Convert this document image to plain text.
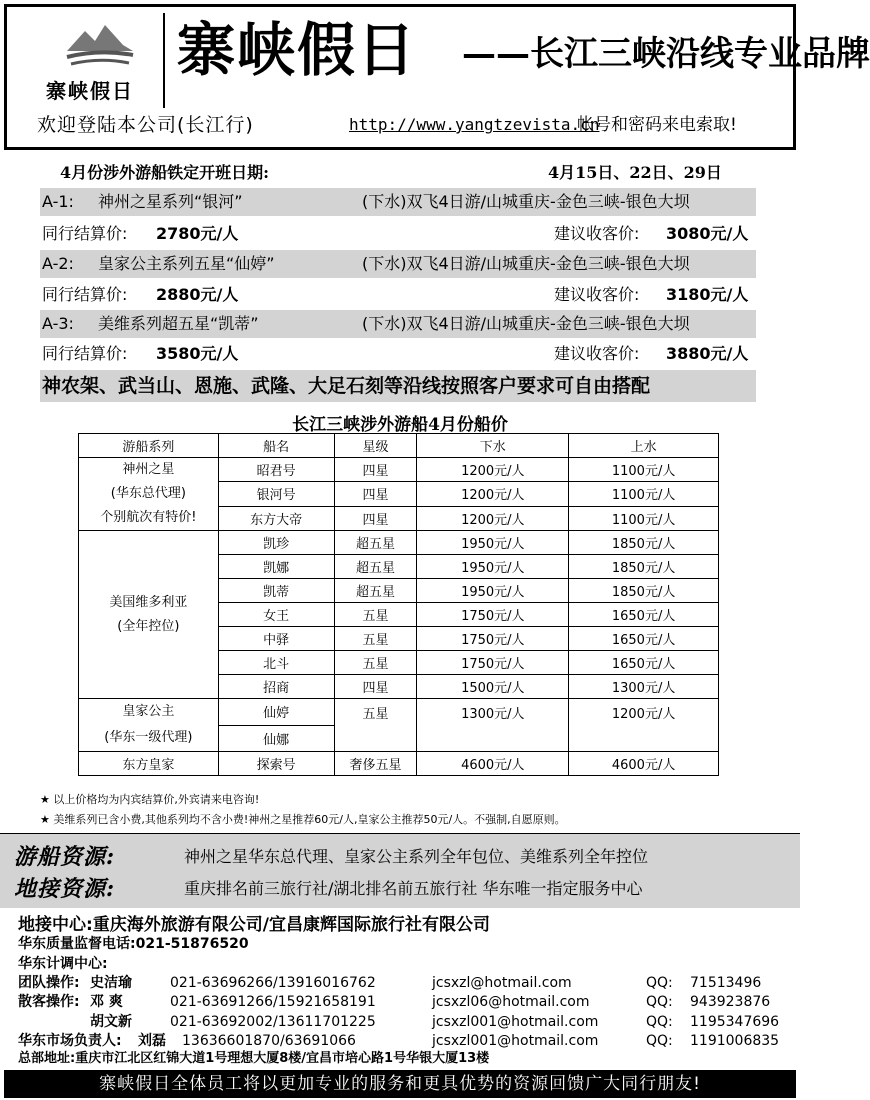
寨峡假日
寨峡假日 ——长江三峡沿线专业品牌
欢迎登陆本公司(长江行)	http://www.yangtzevista.cn
帐号和密码来电索取!
4月份涉外游船铁定开班日期:	4月15日、22日、29日
A-1: 神州之星系列“银河”	(下水)双飞4日游/山城重庆-金色三峡-银色大坝
同行结算价: 2780元/人	建议收客价: 3080元/人
A-2: 皇家公主系列五星“仙婷”	(下水)双飞4日游/山城重庆-金色三峡-银色大坝
同行结算价: 2880元/人	建议收客价: 3180元/人
A-3: 美维系列超五星“凯蒂”	(下水)双飞4日游/山城重庆-金色三峡-银色大坝
同行结算价: 3580元/人	建议收客价: 3880元/人
神农架、武当山、恩施、武隆、大足石刻等沿线按照客户要求可自由搭配
长江三峡涉外游船4月份船价
游船系列	船名	星级	下水	上水

神州之星
(华东总代理)
个别航次有特价!	昭君号	四星	1200元/人	1100元/人
	银河号	四星	1200元/人	1100元/人
	东方大帝	四星	1200元/人	1100元/人

美国维多利亚
(全年控位)	凯珍	超五星	1950元/人	1850元/人
	凯娜	超五星	1950元/人	1850元/人
	凯蒂	超五星	1950元/人	1850元/人
	女王	五星	1750元/人	1650元/人
	中驿	五星	1750元/人	1650元/人
	北斗	五星	1750元/人	1650元/人
	招商	四星	1500元/人	1300元/人

皇家公主
(华东一级代理)	仙婷	五星	1300元/人	1200元/人
	仙娜			
东方皇家	探索号	奢侈五星	4600元/人	4600元/人
★ 以上价格均为内宾结算价,外宾请来电咨询!
★ 美维系列已含小费,其他系列均不含小费!神州之星推荐60元/人,皇家公主推荐50元/人。不强制,自愿原则。
游船资源:	神州之星华东总代理、皇家公主系列全年包位、美维系列全年控位
地接资源:	重庆排名前三旅行社/湖北排名前五旅行社 华东唯一指定服务中心
地接中心:重庆海外旅游有限公司/宜昌康辉国际旅行社有限公司
华东质量监督电话:021-51876520
华东计调中心:
团队操作: 史洁瑜	021-63696266/13916016762	jcsxzl@hotmail.com	QQ: 71513496
散客操作: 邓 爽	021-63691266/15921658191	jcsxzl06@hotmail.com	QQ: 943923876
胡文新	021-63692002/13611701225	jcsxzl001@hotmail.com	QQ: 1195347696
华东市场负责人: 刘磊 13636601870/63691066	jcsxzl001@hotmail.com	QQ: 1191006835
总部地址:重庆市江北区红锦大道1号理想大厦8楼/宜昌市培心路1号华银大厦13楼
寨峡假日全体员工将以更加专业的服务和更具优势的资源回馈广大同行朋友!
